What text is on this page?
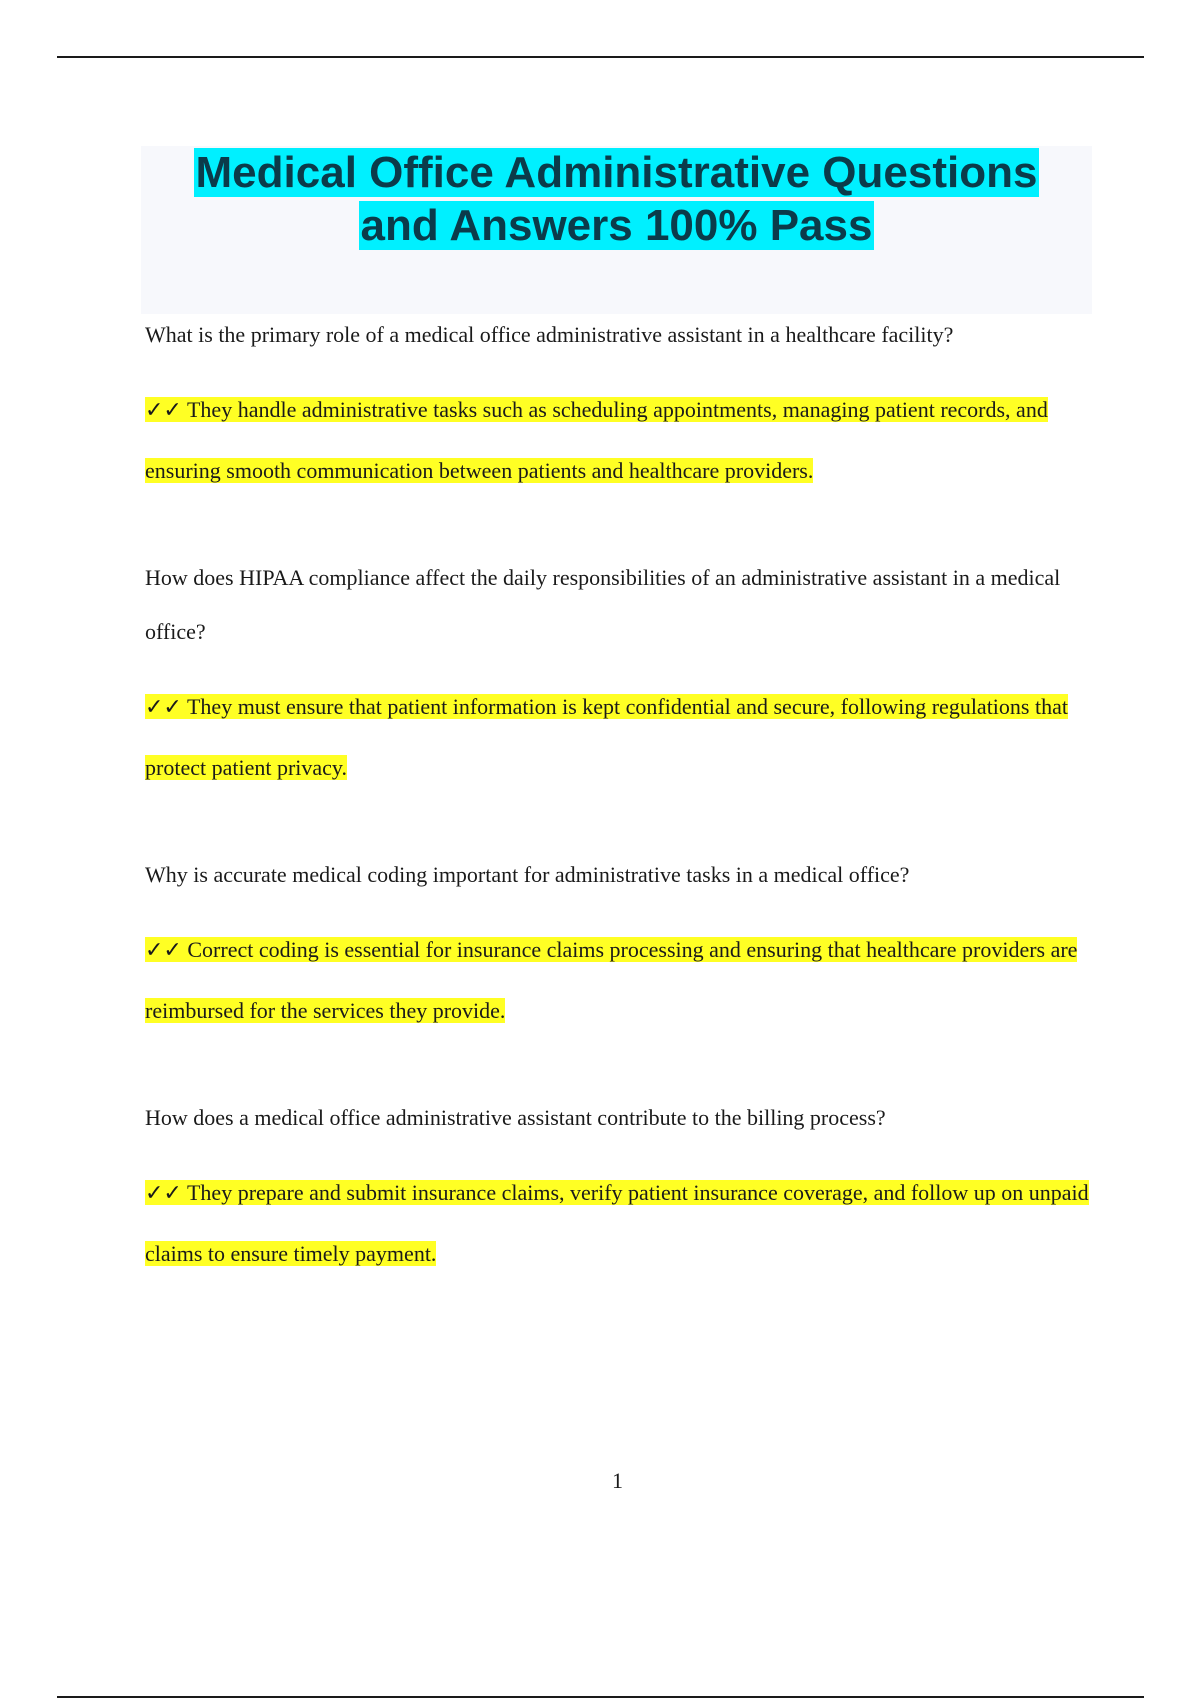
Medical Office Administrative Questions
and Answers 100% Pass

What is the primary role of a medical office administrative assistant in a healthcare facility?

✓✓ They handle administrative tasks such as scheduling appointments, managing patient records, and ensuring smooth communication between patients and healthcare providers.

How does HIPAA compliance affect the daily responsibilities of an administrative assistant in a medical office?

✓✓ They must ensure that patient information is kept confidential and secure, following regulations that protect patient privacy.

Why is accurate medical coding important for administrative tasks in a medical office?

✓✓ Correct coding is essential for insurance claims processing and ensuring that healthcare providers are reimbursed for the services they provide.

How does a medical office administrative assistant contribute to the billing process?

✓✓ They prepare and submit insurance claims, verify patient insurance coverage, and follow up on unpaid claims to ensure timely payment.

1
